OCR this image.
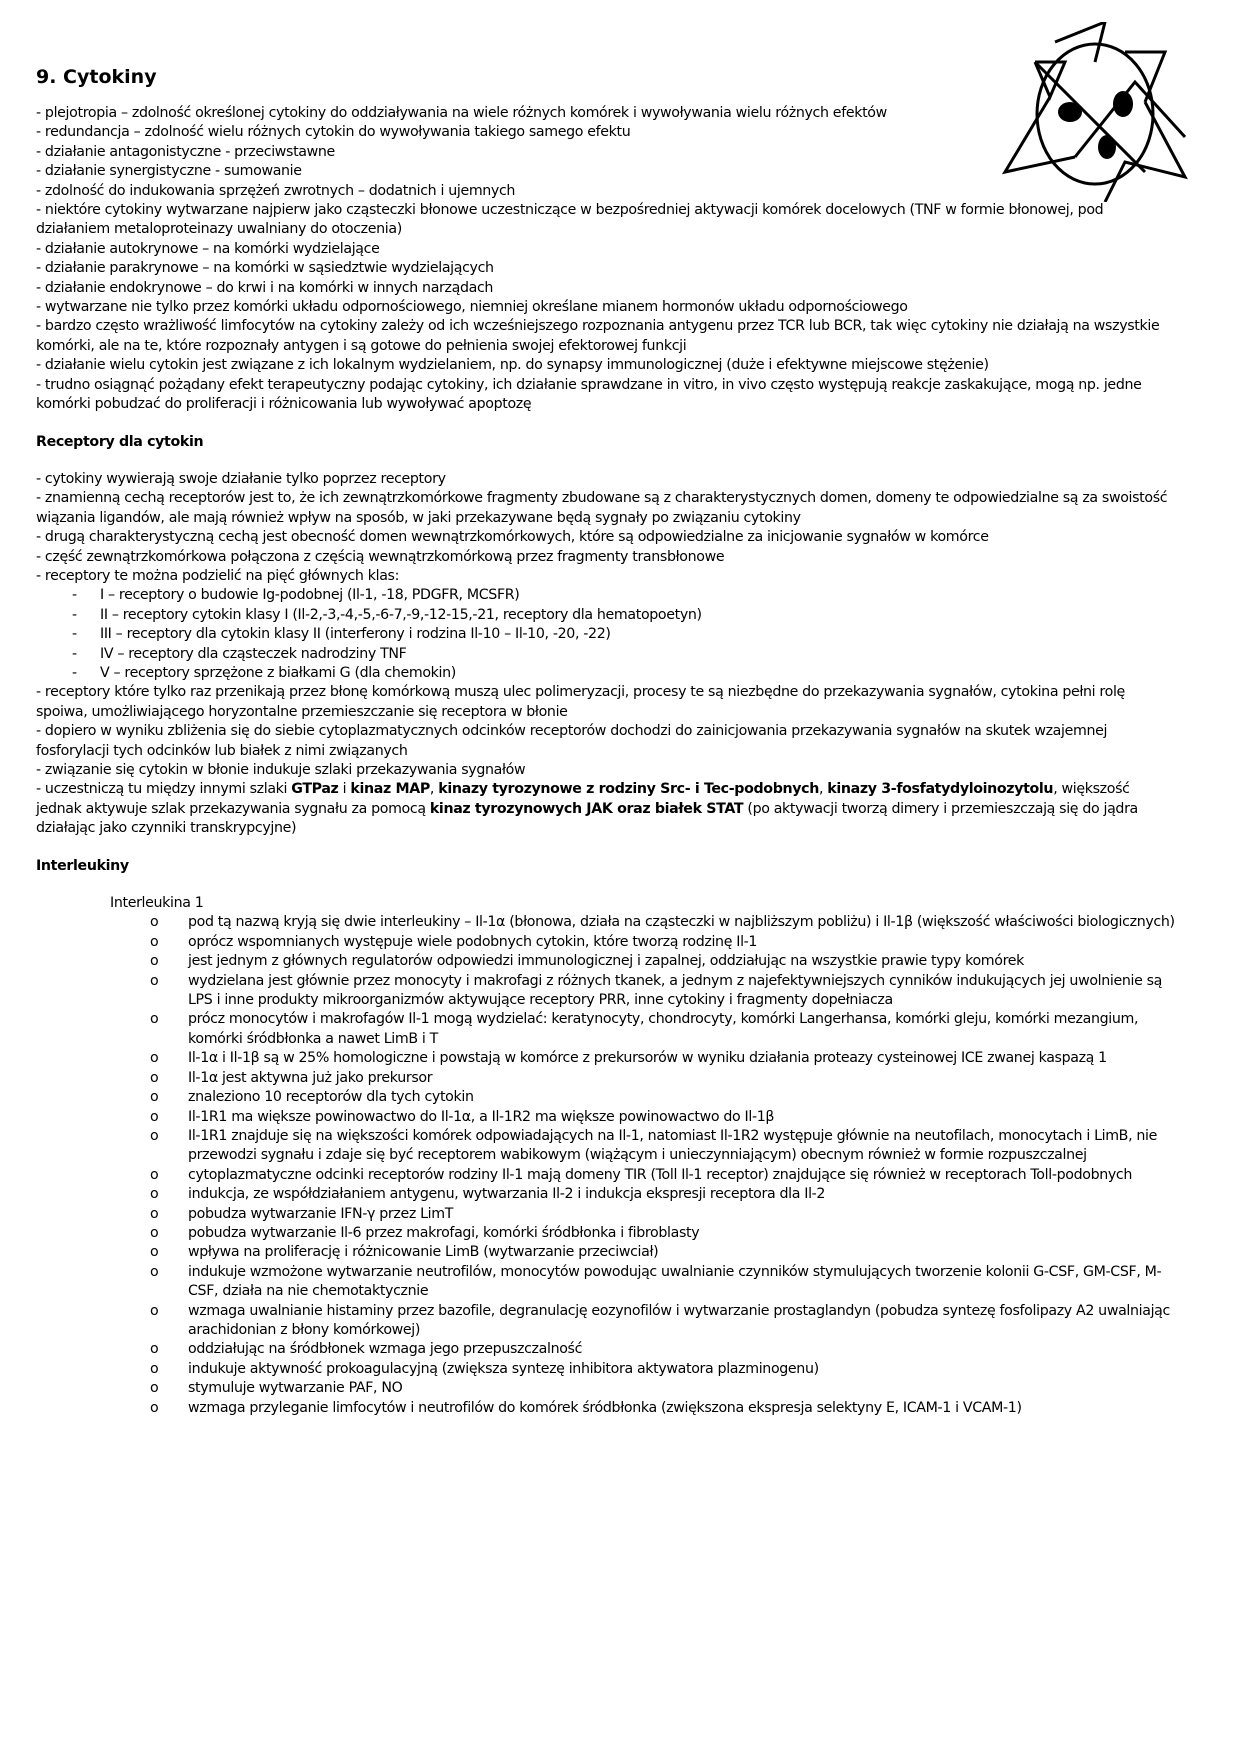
9. Cytokiny

- plejotropia – zdolność określonej cytokiny do oddziaływania na wiele różnych komórek i wywoływania wielu różnych efektów

- redundancja – zdolność wielu różnych cytokin do wywoływania takiego samego efektu

- działanie antagonistyczne - przeciwstawne

- działanie synergistyczne - sumowanie

- zdolność do indukowania sprzężeń zwrotnych – dodatnich i ujemnych

- niektóre cytokiny wytwarzane najpierw jako cząsteczki błonowe uczestniczące w bezpośredniej aktywacji komórek docelowych (TNF w formie błonowej, pod działaniem metaloproteinazy uwalniany do otoczenia)

- działanie autokrynowe – na komórki wydzielające

- działanie parakrynowe – na komórki w sąsiedztwie wydzielających

- działanie endokrynowe – do krwi i na komórki w innych narządach

- wytwarzane nie tylko przez komórki układu odpornościowego, niemniej określane mianem hormonów układu odpornościowego

- bardzo często wrażliwość limfocytów na cytokiny zależy od ich wcześniejszego rozpoznania antygenu przez TCR lub BCR, tak więc cytokiny nie działają na wszystkie komórki, ale na te, które rozpoznały antygen i są gotowe do pełnienia swojej efektorowej funkcji

- działanie wielu cytokin jest związane z ich lokalnym wydzielaniem, np. do synapsy immunologicznej (duże i efektywne miejscowe stężenie)

- trudno osiągnąć pożądany efekt terapeutyczny podając cytokiny, ich działanie sprawdzane in vitro, in vivo często występują reakcje zaskakujące, mogą np. jedne komórki pobudzać do proliferacji i różnicowania lub wywoływać apoptozę

Receptory dla cytokin

- cytokiny wywierają swoje działanie tylko poprzez receptory

- znamienną cechą receptorów jest to, że ich zewnątrzkomórkowe fragmenty zbudowane są z charakterystycznych domen, domeny te odpowiedzialne są za swoistość wiązania ligandów, ale mają również wpływ na sposób, w jaki przekazywane będą sygnały po związaniu cytokiny

- drugą charakterystyczną cechą jest obecność domen wewnątrzkomórkowych, które są odpowiedzialne za inicjowanie sygnałów w komórce

- część zewnątrzkomórkowa połączona z częścią wewnątrzkomórkową przez fragmenty transbłonowe

- receptory te można podzielić na pięć głównych klas:

- I – receptory o budowie Ig-podobnej (Il-1, -18, PDGFR, MCSFR)
- II – receptory cytokin klasy I (Il-2,-3,-4,-5,-6-7,-9,-12-15,-21, receptory dla hematopoetyn)
- III – receptory dla cytokin klasy II (interferony i rodzina Il-10 – Il-10, -20, -22)
- IV – receptory dla cząsteczek nadrodziny TNF
- V – receptory sprzężone z białkami G (dla chemokin)

- receptory które tylko raz przenikają przez błonę komórkową muszą ulec polimeryzacji, procesy te są niezbędne do przekazywania sygnałów, cytokina pełni rolę spoiwa, umożliwiającego horyzontalne przemieszczanie się receptora w błonie

- dopiero w wyniku zbliżenia się do siebie cytoplazmatycznych odcinków receptorów dochodzi do zainicjowania przekazywania sygnałów na skutek wzajemnej fosforylacji tych odcinków lub białek z nimi związanych

- związanie się cytokin w błonie indukuje szlaki przekazywania sygnałów

- uczestniczą tu między innymi szlaki GTPaz i kinaz MAP, kinazy tyrozynowe z rodziny Src- i Tec-podobnych, kinazy 3-fosfatydyloinozytolu, większość jednak aktywuje szlak przekazywania sygnału za pomocą kinaz tyrozynowych JAK oraz białek STAT (po aktywacji tworzą dimery i przemieszczają się do jądra działając jako czynniki transkrypcyjne)

Interleukiny

Interleukina 1

o pod tą nazwą kryją się dwie interleukiny – Il-1α (błonowa, działa na cząsteczki w najbliższym pobliżu) i Il-1β (większość właściwości biologicznych)
o oprócz wspomnianych występuje wiele podobnych cytokin, które tworzą rodzinę Il-1
o jest jednym z głównych regulatorów odpowiedzi immunologicznej i zapalnej, oddziałując na wszystkie prawie typy komórek
o wydzielana jest głównie przez monocyty i makrofagi z różnych tkanek, a jednym z najefektywniejszych cynników indukujących jej uwolnienie są LPS i inne produkty mikroorganizmów aktywujące receptory PRR, inne cytokiny i fragmenty dopełniacza
o prócz monocytów i makrofagów Il-1 mogą wydzielać: keratynocyty, chondrocyty, komórki Langerhansa, komórki gleju, komórki mezangium, komórki śródbłonka a nawet LimB i T
o Il-1α i Il-1β są w 25% homologiczne i powstają w komórce z prekursorów w wyniku działania proteazy cysteinowej ICE zwanej kaspazą 1
o Il-1α jest aktywna już jako prekursor
o znaleziono 10 receptorów dla tych cytokin
o Il-1R1 ma większe powinowactwo do Il-1α, a Il-1R2 ma większe powinowactwo do Il-1β
o Il-1R1 znajduje się na większości komórek odpowiadających na Il-1, natomiast Il-1R2 występuje głównie na neutofilach, monocytach i LimB, nie przewodzi sygnału i zdaje się być receptorem wabikowym (wiążącym i unieczynniającym) obecnym również w formie rozpuszczalnej
o cytoplazmatyczne odcinki receptorów rodziny Il-1 mają domeny TIR (Toll Il-1 receptor) znajdujące się również w receptorach Toll-podobnych
o indukcja, ze współdziałaniem antygenu, wytwarzania Il-2 i indukcja ekspresji receptora dla Il-2
o pobudza wytwarzanie IFN-γ przez LimT
o pobudza wytwarzanie Il-6 przez makrofagi, komórki śródbłonka i fibroblasty
o wpływa na proliferację i różnicowanie LimB (wytwarzanie przeciwciał)
o indukuje wzmożone wytwarzanie neutrofilów, monocytów powodując uwalnianie czynników stymulujących tworzenie kolonii G-CSF, GM-CSF, M-CSF, działa na nie chemotaktycznie
o wzmaga uwalnianie histaminy przez bazofile, degranulację eozynofilów i wytwarzanie prostaglandyn (pobudza syntezę fosfolipazy A2 uwalniając arachidonian z błony komórkowej)
o oddziałując na śródbłonek wzmaga jego przepuszczalność
o indukuje aktywność prokoagulacyjną (zwiększa syntezę inhibitora aktywatora plazminogenu)
o stymuluje wytwarzanie PAF, NO
o wzmaga przyleganie limfocytów i neutrofilów do komórek śródbłonka (zwiększona ekspresja selektyny E, ICAM-1 i VCAM-1)
